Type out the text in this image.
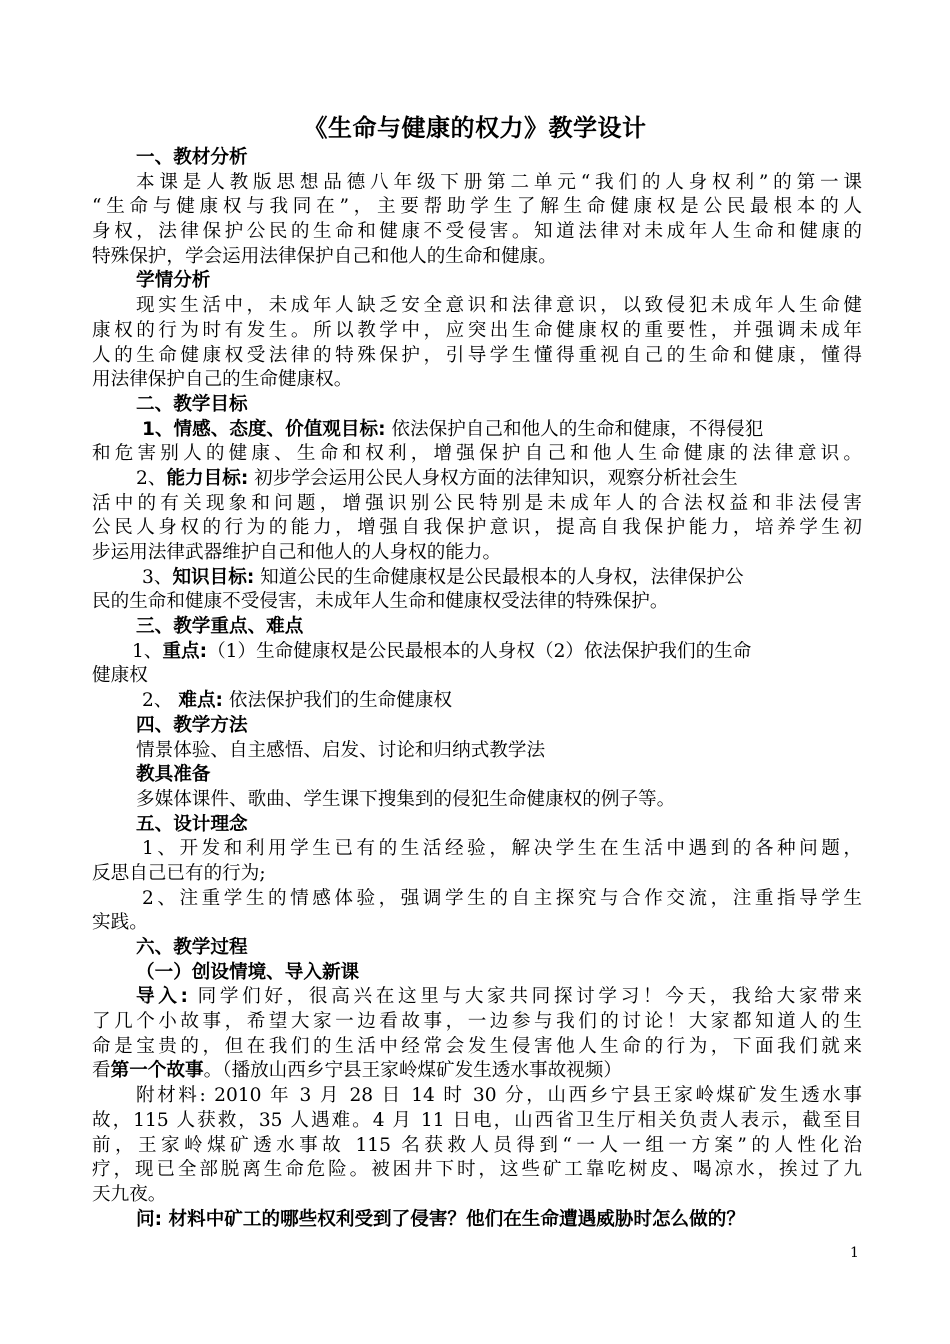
《生命与健康的权力》教学设计
一、教材分析
本课是人教版思想品德八年级下册第二单元“我们的人身权利”的第一课
“生命与健康权与我同在”，主要帮助学生了解生命健康权是公民最根本的人
身权，法律保护公民的生命和健康不受侵害。知道法律对未成年人生命和健康的
特殊保护，学会运用法律保护自己和他人的生命和健康。
学情分析
现实生活中，未成年人缺乏安全意识和法律意识，以致侵犯未成年人生命健
康权的行为时有发生。所以教学中，应突出生命健康权的重要性，并强调未成年
人的生命健康权受法律的特殊保护，引导学生懂得重视自己的生命和健康，懂得
用法律保护自己的生命健康权。
二、教学目标
1、情感、态度、价值观目标: 依法保护自己和他人的生命和健康，不得侵犯
和危害别人的健康、生命和权利，增强保护自己和他人生命健康的法律意识。
2、能力目标: 初步学会运用公民人身权方面的法律知识，观察分析社会生
活中的有关现象和问题，增强识别公民特别是未成年人的合法权益和非法侵害
公民人身权的行为的能力，增强自我保护意识，提高自我保护能力，培养学生初
步运用法律武器维护自己和他人的人身权的能力。
3、知识目标: 知道公民的生命健康权是公民最根本的人身权，法律保护公
民的生命和健康不受侵害，未成年人生命和健康权受法律的特殊保护。
三、教学重点、难点
1、重点:（1）生命健康权是公民最根本的人身权（2）依法保护我们的生命
健康权
2、 难点: 依法保护我们的生命健康权
四、教学方法
情景体验、自主感悟、启发、讨论和归纳式教学法
教具准备
多媒体课件、歌曲、学生课下搜集到的侵犯生命健康权的例子等。
五、设计理念
1、开发和利用学生已有的生活经验，解决学生在生活中遇到的各种问题，
反思自己已有的行为;
2、注重学生的情感体验，强调学生的自主探究与合作交流，注重指导学生
实践。
六、教学过程
（一）创设情境、导入新课
导入: 同学们好，很高兴在这里与大家共同探讨学习！今天，我给大家带来
了几个小故事，希望大家一边看故事，一边参与我们的讨论！大家都知道人的生
命是宝贵的，但在我们的生活中经常会发生侵害他人生命的行为，下面我们就来
看第一个故事。（播放山西乡宁县王家岭煤矿发生透水事故视频）
附材料: 2010 年 3 月 28 日 14 时 30 分，山西乡宁县王家岭煤矿发生透水事
故，115 人获救，35 人遇难。4 月 11 日电，山西省卫生厅相关负责人表示，截至目
前，王家岭煤矿透水事故 115 名获救人员得到“一人一组一方案”的人性化治
疗，现已全部脱离生命危险。被困井下时，这些矿工靠吃树皮、喝凉水，挨过了九
天九夜。
问: 材料中矿工的哪些权利受到了侵害？他们在生命遭遇威胁时怎么做的？
1
